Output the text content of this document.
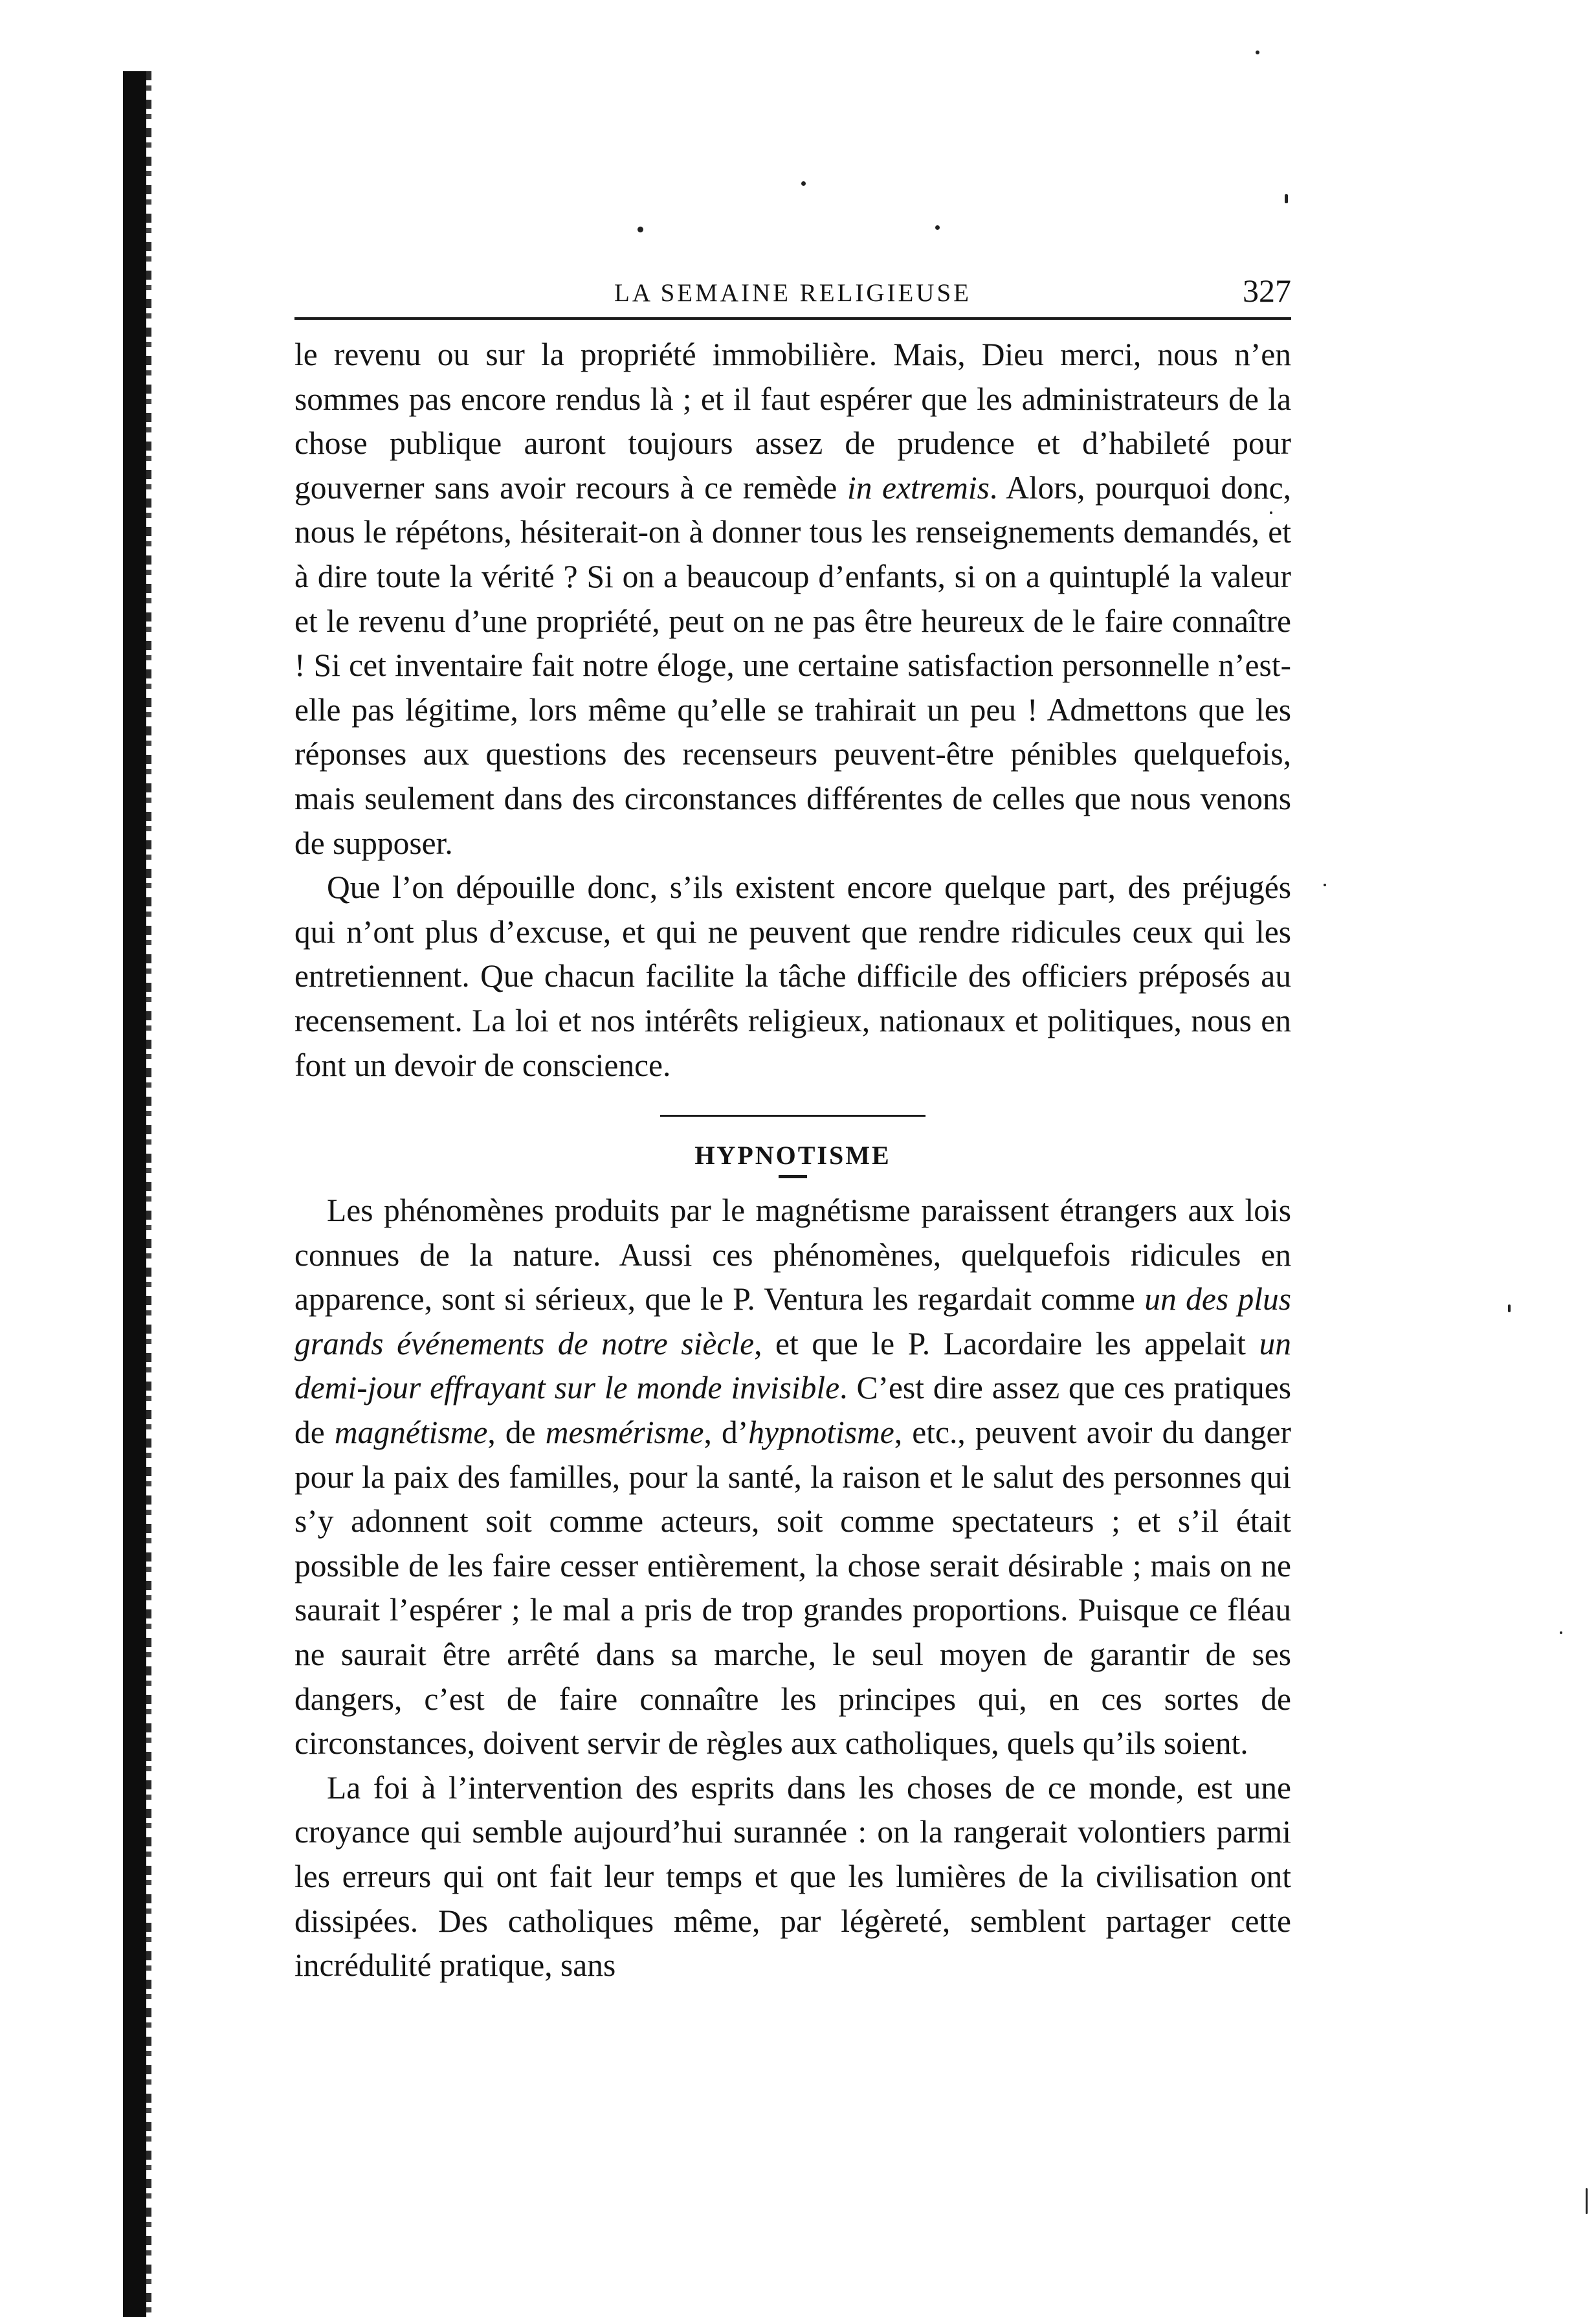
LA SEMAINE RELIGIEUSE	327

le revenu ou sur la propriété immobilière. Mais, Dieu merci, nous n’en sommes pas encore rendus là ; et il faut espérer que les administrateurs de la chose publique auront toujours assez de prudence et d’habileté pour gouverner sans avoir recours à ce remède in extremis. Alors, pourquoi donc, nous le répétons, hésiterait-on à donner tous les renseignements demandés, et à dire toute la vérité ? Si on a beaucoup d’enfants, si on a quintuplé la valeur et le revenu d’une propriété, peut on ne pas être heureux de le faire connaître ! Si cet inventaire fait notre éloge, une certaine satisfaction personnelle n’est-elle pas légitime, lors même qu’elle se trahirait un peu ! Admettons que les réponses aux questions des recenseurs peuvent-être pénibles quelquefois, mais seulement dans des circonstances différentes de celles que nous venons de supposer.

Que l’on dépouille donc, s’ils existent encore quelque part, des préjugés qui n’ont plus d’excuse, et qui ne peuvent que rendre ridicules ceux qui les entretiennent. Que chacun facilite la tâche difficile des officiers préposés au recensement. La loi et nos intérêts religieux, nationaux et politiques, nous en font un devoir de conscience.

HYPNOTISME

Les phénomènes produits par le magnétisme paraissent étrangers aux lois connues de la nature. Aussi ces phénomènes, quelquefois ridicules en apparence, sont si sérieux, que le P. Ventura les regardait comme un des plus grands événements de notre siècle, et que le P. Lacordaire les appelait un demi-jour effrayant sur le monde invisible. C’est dire assez que ces pratiques de magnétisme, de mesmérisme, d’hypnotisme, etc., peuvent avoir du danger pour la paix des familles, pour la santé, la raison et le salut des personnes qui s’y adonnent soit comme acteurs, soit comme spectateurs ; et s’il était possible de les faire cesser entièrement, la chose serait désirable ; mais on ne saurait l’espérer ; le mal a pris de trop grandes proportions. Puisque ce fléau ne saurait être arrêté dans sa marche, le seul moyen de garantir de ses dangers, c’est de faire connaître les principes qui, en ces sortes de circonstances, doivent servir de règles aux catholiques, quels qu’ils soient.

La foi à l’intervention des esprits dans les choses de ce monde, est une croyance qui semble aujourd’hui surannée : on la rangerait volontiers parmi les erreurs qui ont fait leur temps et que les lumières de la civilisation ont dissipées. Des catholiques même, par légèreté, semblent partager cette incrédulité pratique, sans
